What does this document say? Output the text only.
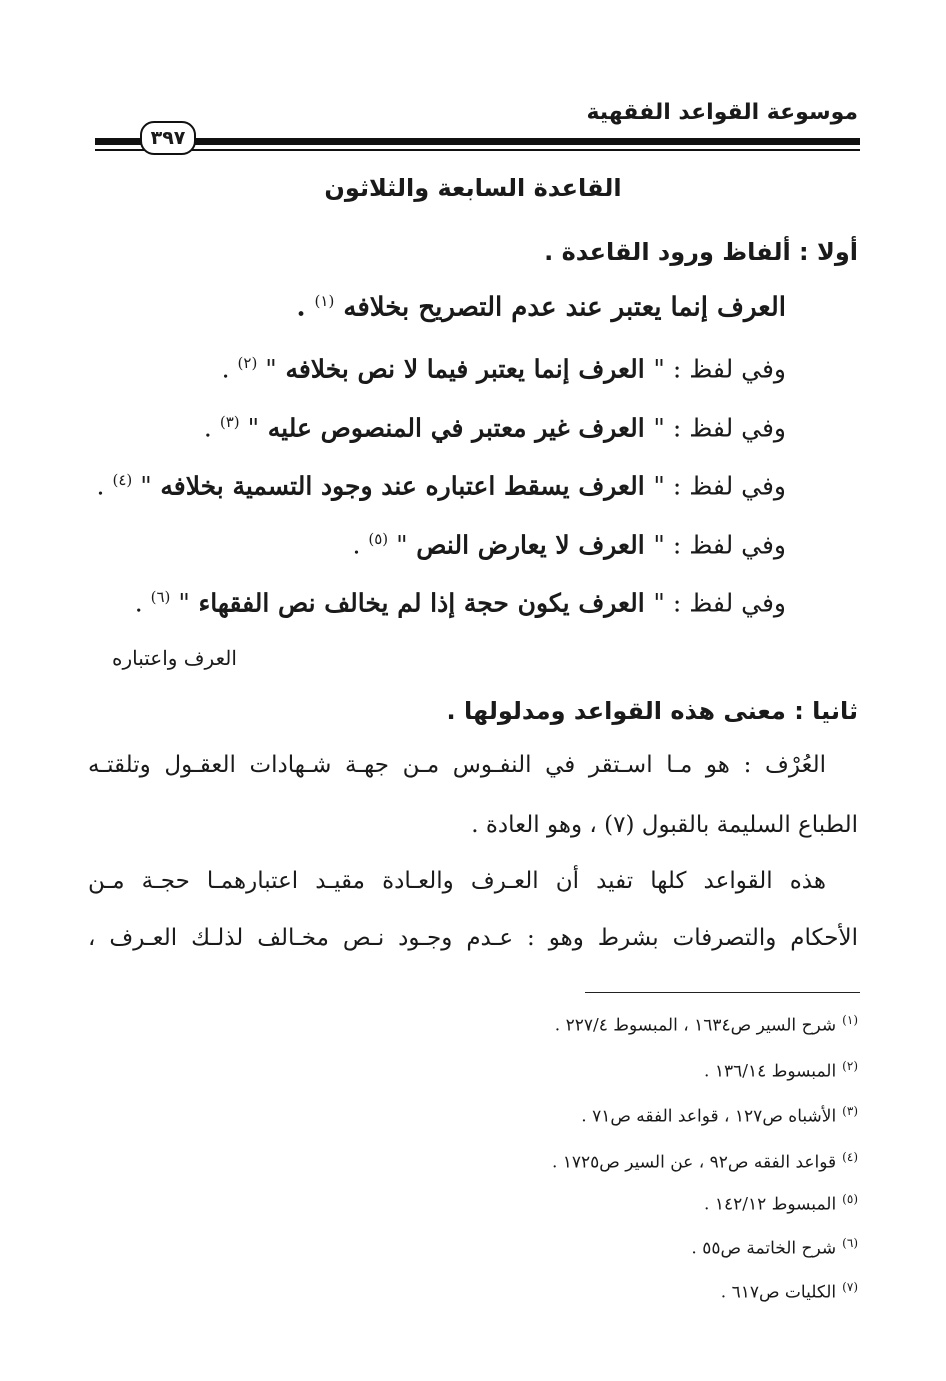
موسوعة القواعد الفقهية
٣٩٧
القاعدة السابعة والثلاثون
أولا : ألفاظ ورود القاعدة .
العرف إنما يعتبر عند عدم التصريح بخلافه $^{(١)}$ .
وفي لفظ : " العرف إنما يعتبر فيما لا نص بخلافه " $^{(٢)}$ .
وفي لفظ : " العرف غير معتبر في المنصوص عليه " $^{(٣)}$ .
وفي لفظ : " العرف يسقط اعتباره عند وجود التسمية بخلافه " $^{(٤)}$ .
وفي لفظ : " العرف لا يعارض النص " $^{(٥)}$ .
وفي لفظ : " العرف يكون حجة إذا لم يخالف نص الفقهاء " $^{(٦)}$ .
العرف واعتباره
ثانيا : معنى هذه القواعد ومدلولها .
العُرْف : هو مـا اسـتقر في النفـوس مـن جهـة شـهادات العقـول وتلقتـه
الطباع السليمة بالقبول (٧) ، وهو العادة .
هذه القواعد كلها تفيد أن العـرف والعـادة مقيـد اعتبارهمـا حجـة مـن
الأحكام والتصرفات بشرط وهو : عـدم وجـود نـص مخـالف لذلـك العـرف ،
$^{(١)}$شرح السير ص١٦٣٤ ، المبسوط ٢٢٧/٤ .
$^{(٢)}$المبسوط ١٣٦/١٤ .
$^{(٣)}$الأشباه ص١٢٧ ، قواعد الفقه ص٧١ .
$^{(٤)}$قواعد الفقه ص٩٢ ، عن السير ص١٧٢٥ .
$^{(٥)}$المبسوط ١٤٢/١٢ .
$^{(٦)}$شرح الخاتمة ص٥٥ .
$^{(٧)}$الكليات ص٦١٧ .
